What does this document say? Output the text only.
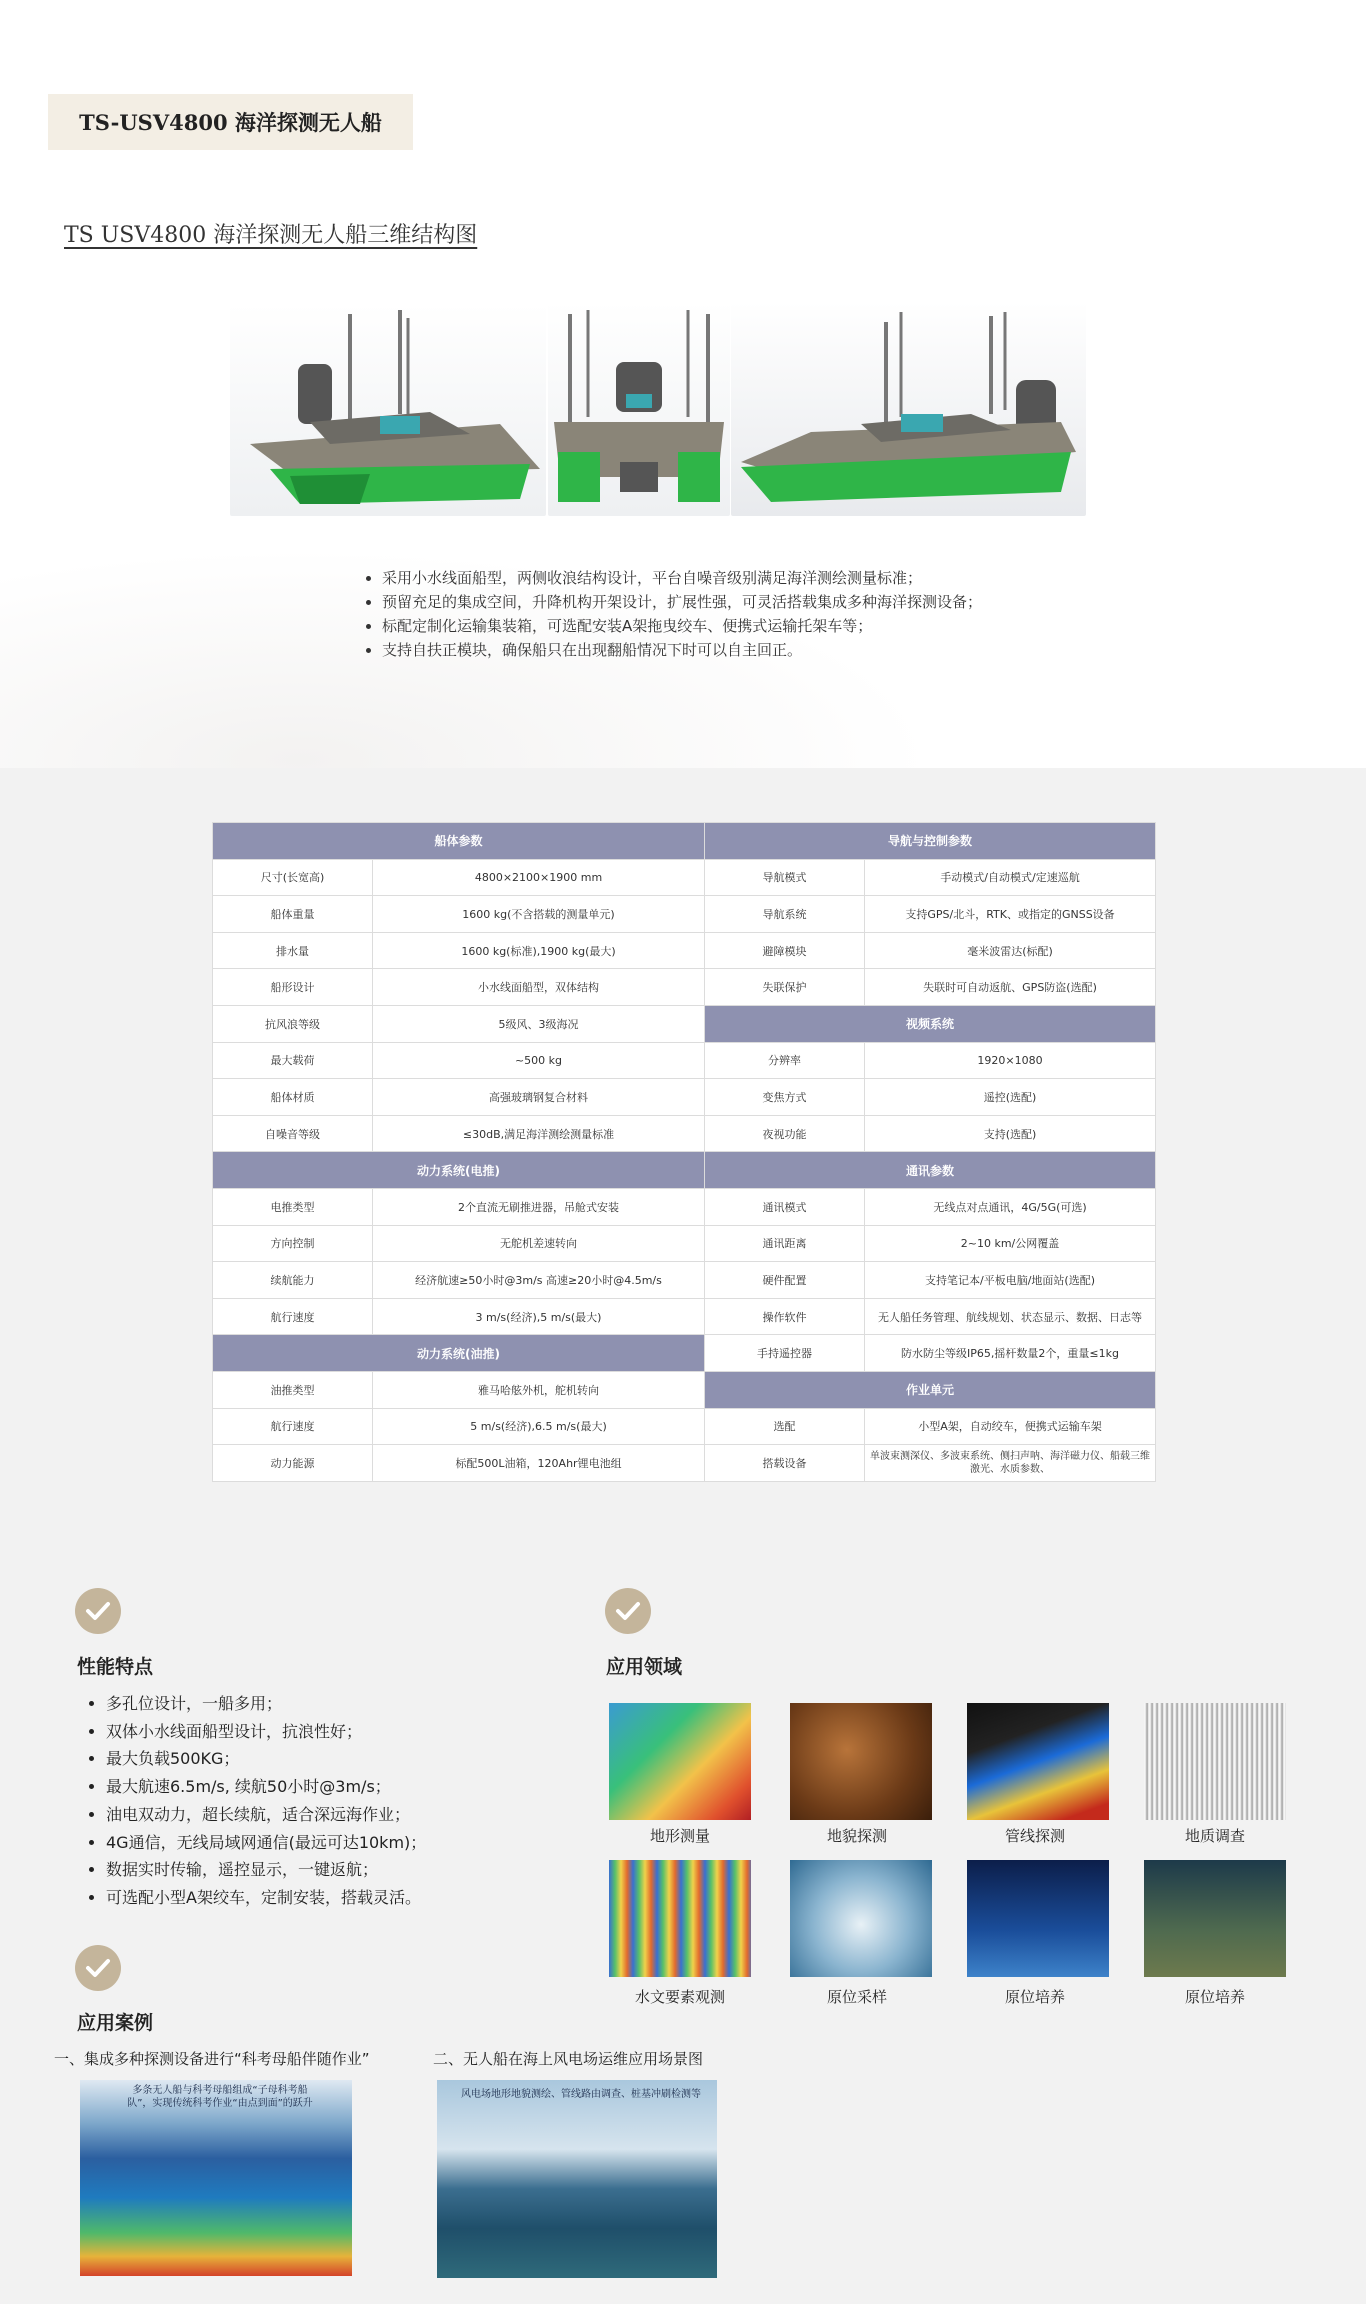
TS-USV4800 海洋探测无人船
TS USV4800 海洋探测无人船三维结构图
• 采用小水线面船型，两侧收浪结构设计，平台自噪音级别满足海洋测绘测量标准；
• 预留充足的集成空间，升降机构开架设计，扩展性强，可灵活搭载集成多种海洋探测设备；
• 标配定制化运输集装箱，可选配安装A架拖曳绞车、便携式运输托架车等；
• 支持自扶正模块，确保船只在出现翻船情况下时可以自主回正。
船体参数		导航与控制参数	
尺寸(长宽高)	4800×2100×1900 mm	导航模式	手动模式/自动模式/定速巡航
船体重量	1600 kg(不含搭载的测量单元)	导航系统	支持GPS/北斗，RTK、或指定的GNSS设备
排水量	1600 kg(标准),1900 kg(最大)	避障模块	毫米波雷达(标配)
船形设计	小水线面船型，双体结构	失联保护	失联时可自动返航、GPS防盗(选配)
抗风浪等级	5级风、3级海况	视频系统	
最大载荷	~500 kg	分辨率	1920×1080
船体材质	高强玻璃钢复合材料	变焦方式	遥控(选配)
自噪音等级	≤30dB,满足海洋测绘测量标准	夜视功能	支持(选配)
动力系统(电推)		通讯参数	
电推类型	2个直流无刷推进器，吊舱式安装	通讯模式	无线点对点通讯，4G/5G(可选)
方向控制	无舵机差速转向	通讯距离	2~10 km/公网覆盖
续航能力	经济航速≥50小时@3m/s 高速≥20小时@4.5m/s	硬件配置	支持笔记本/平板电脑/地面站(选配)
航行速度	3 m/s(经济),5 m/s(最大)	操作软件	无人船任务管理、航线规划、状态显示、数据、日志等
动力系统(油推)		手持遥控器	防水防尘等级IP65,摇杆数量2个，重量≤1kg
油推类型	雅马哈舷外机，舵机转向	作业单元	
航行速度	5 m/s(经济),6.5 m/s(最大)	选配	小型A架，自动绞车，便携式运输车架
动力能源	标配500L油箱，120Ahr锂电池组	搭载设备	单波束测深仪、多波束系统、侧扫声呐、海洋磁力仪、船载三维激光、水质参数、
性能特点
• 多孔位设计，一船多用；
• 双体小水线面船型设计，抗浪性好；
• 最大负载500KG；
• 最大航速6.5m/s, 续航50小时@3m/s；
• 油电双动力，超长续航，适合深远海作业；
• 4G通信，无线局域网通信(最远可达10km)；
• 数据实时传输，遥控显示，一键返航；
• 可选配小型A架绞车，定制安装，搭载灵活。
应用领域
地形测量	地貌探测	管线探测	地质调查
水文要素观测	原位采样	原位培养	原位培养
应用案例
一、集成多种探测设备进行“科考母船伴随作业”
多条无人船与科考母船组成“子母科考船队”，实现传统科考作业“由点到面”的跃升
二、无人船在海上风电场运维应用场景图
风电场地形地貌测绘、管线路由调查、桩基冲刷检测等
